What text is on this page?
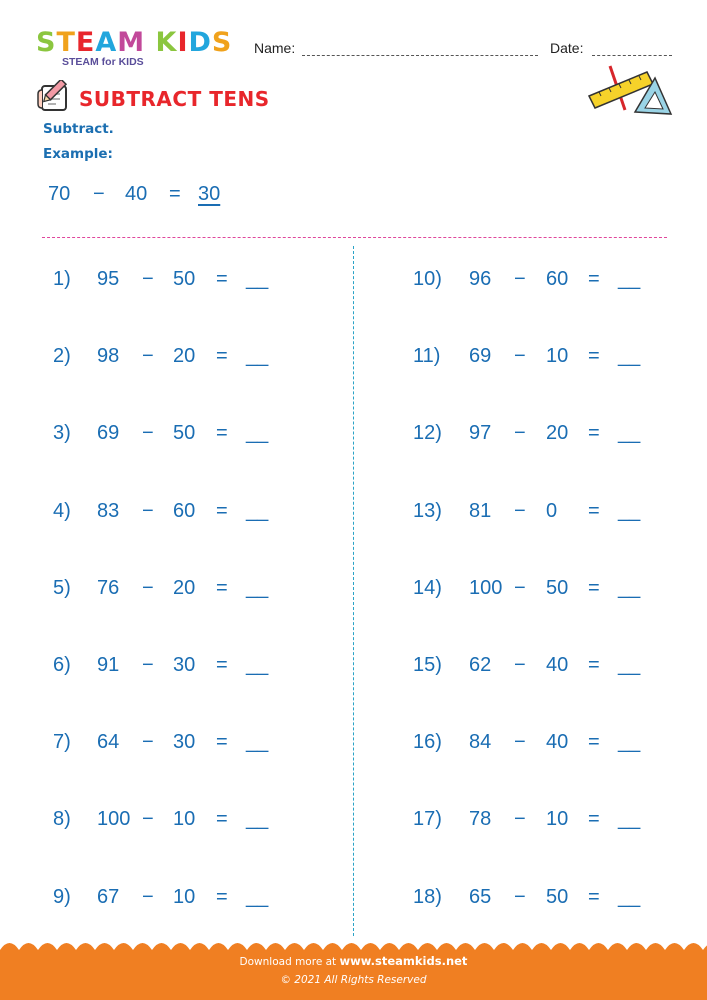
STEAM KIDS
STEAM for KIDS
Name:	Date:
SUBTRACT TENS
Subtract.
Example:
70 − 40 = 30
1) 95 − 50 = __
2) 98 − 20 = __
3) 69 − 50 = __
4) 83 − 60 = __
5) 76 − 20 = __
6) 91 − 30 = __
7) 64 − 30 = __
8) 100 − 10 = __
9) 67 − 10 = __
10) 96 − 60 = __
11) 69 − 10 = __
12) 97 − 20 = __
13) 81 − 0 = __
14) 100 − 50 = __
15) 62 − 40 = __
16) 84 − 40 = __
17) 78 − 10 = __
18) 65 − 50 = __
Download more at www.steamkids.net
© 2021 All Rights Reserved
